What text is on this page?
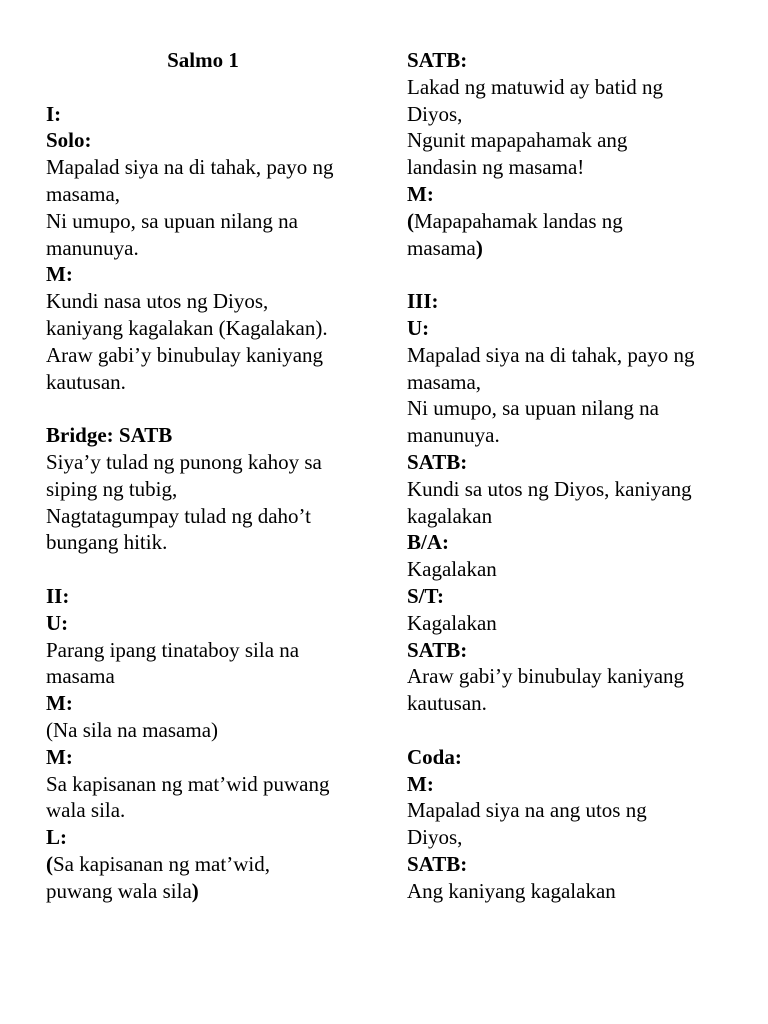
Salmo 1
I:
Solo:
Mapalad siya na di tahak, payo ng
masama,
Ni umupo, sa upuan nilang na
manunuya.
M:
Kundi nasa utos ng Diyos,
kaniyang kagalakan (Kagalakan).
Araw gabi’y binubulay kaniyang
kautusan.
Bridge: SATB
Siya’y tulad ng punong kahoy sa
siping ng tubig,
Nagtatagumpay tulad ng daho’t
bungang hitik.
II:
U:
Parang ipang tinataboy sila na
masama
M:
(Na sila na masama)
M:
Sa kapisanan ng mat’wid puwang
wala sila.
L:
(Sa kapisanan ng mat’wid,
puwang wala sila)
SATB:
Lakad ng matuwid ay batid ng
Diyos,
Ngunit mapapahamak ang
landasin ng masama!
M:
(Mapapahamak landas ng
masama)
III:
U:
Mapalad siya na di tahak, payo ng
masama,
Ni umupo, sa upuan nilang na
manunuya.
SATB:
Kundi sa utos ng Diyos, kaniyang
kagalakan
B/A:
Kagalakan
S/T:
Kagalakan
SATB:
Araw gabi’y binubulay kaniyang
kautusan.
Coda:
M:
Mapalad siya na ang utos ng
Diyos,
SATB:
Ang kaniyang kagalakan
